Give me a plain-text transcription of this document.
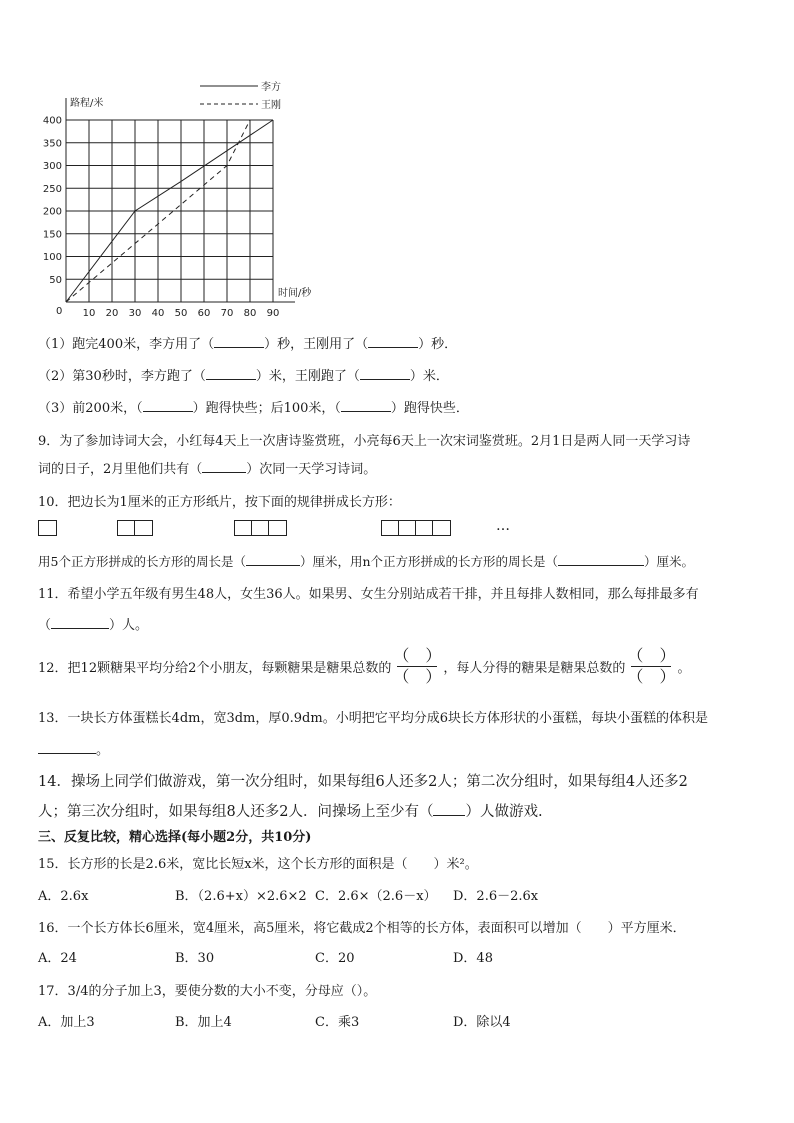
10 20 30 40 50 60 70 80 90
50
100
150
200
250
300
350
400
路程/米
时间/秒
0
李方
王刚
（1）跑完400米，李方用了（	）秒，王刚用了（	）秒．
（2）第30秒时，李方跑了（	）米，王刚跑了（	）米．
（3）前200米，（	）跑得快些；后100米，（	）跑得快些．
9．为了参加诗词大会，小红每4天上一次唐诗鉴赏班，小亮每6天上一次宋词鉴赏班。2月1日是两人同一天学习诗
词的日子，2月里他们共有（	）次同一天学习诗词。
10．把边长为1厘米的正方形纸片，按下面的规律拼成长方形：
…
用5个正方形拼成的长方形的周长是（	）厘米，用n个正方形拼成的长方形的周长是（	）厘米。
11．希望小学五年级有男生48人，女生36人。如果男、女生分别站成若干排，并且每排人数相同，那么每排最多有
（	）人。
12．把12颗糖果平均分给2个小朋友，每颗糖果是糖果总数的 $\frac{( )}{( )}$ ，每人分得的糖果是糖果总数的 $\frac{( )}{( )}$ 。
13．一块长方体蛋糕长4dm，宽3dm，厚0.9dm。小明把它平均分成6块长方体形状的小蛋糕，每块小蛋糕的体积是
。
14．操场上同学们做游戏，第一次分组时，如果每组6人还多2人；第二次分组时，如果每组4人还多2
人；第三次分组时，如果每组8人还多2人．问操场上至少有（ ）人做游戏.
三、反复比较，精心选择(每小题2分，共10分)
15．长方形的长是2.6米，宽比长短x米，这个长方形的面积是（　　）米²。
A．2.6x	B．（2.6+x）×2.6×2 C．2.6×（2.6－x） D．2.6－2.6x
16．一个长方体长6厘米，宽4厘米，高5厘米，将它截成2个相等的长方体，表面积可以增加（　　）平方厘米．
A．24	B．30	C．20	D．48
17．3/4的分子加上3，要使分数的大小不变，分母应（）。
A．加上3	B．加上4	C．乘3	D．除以4
